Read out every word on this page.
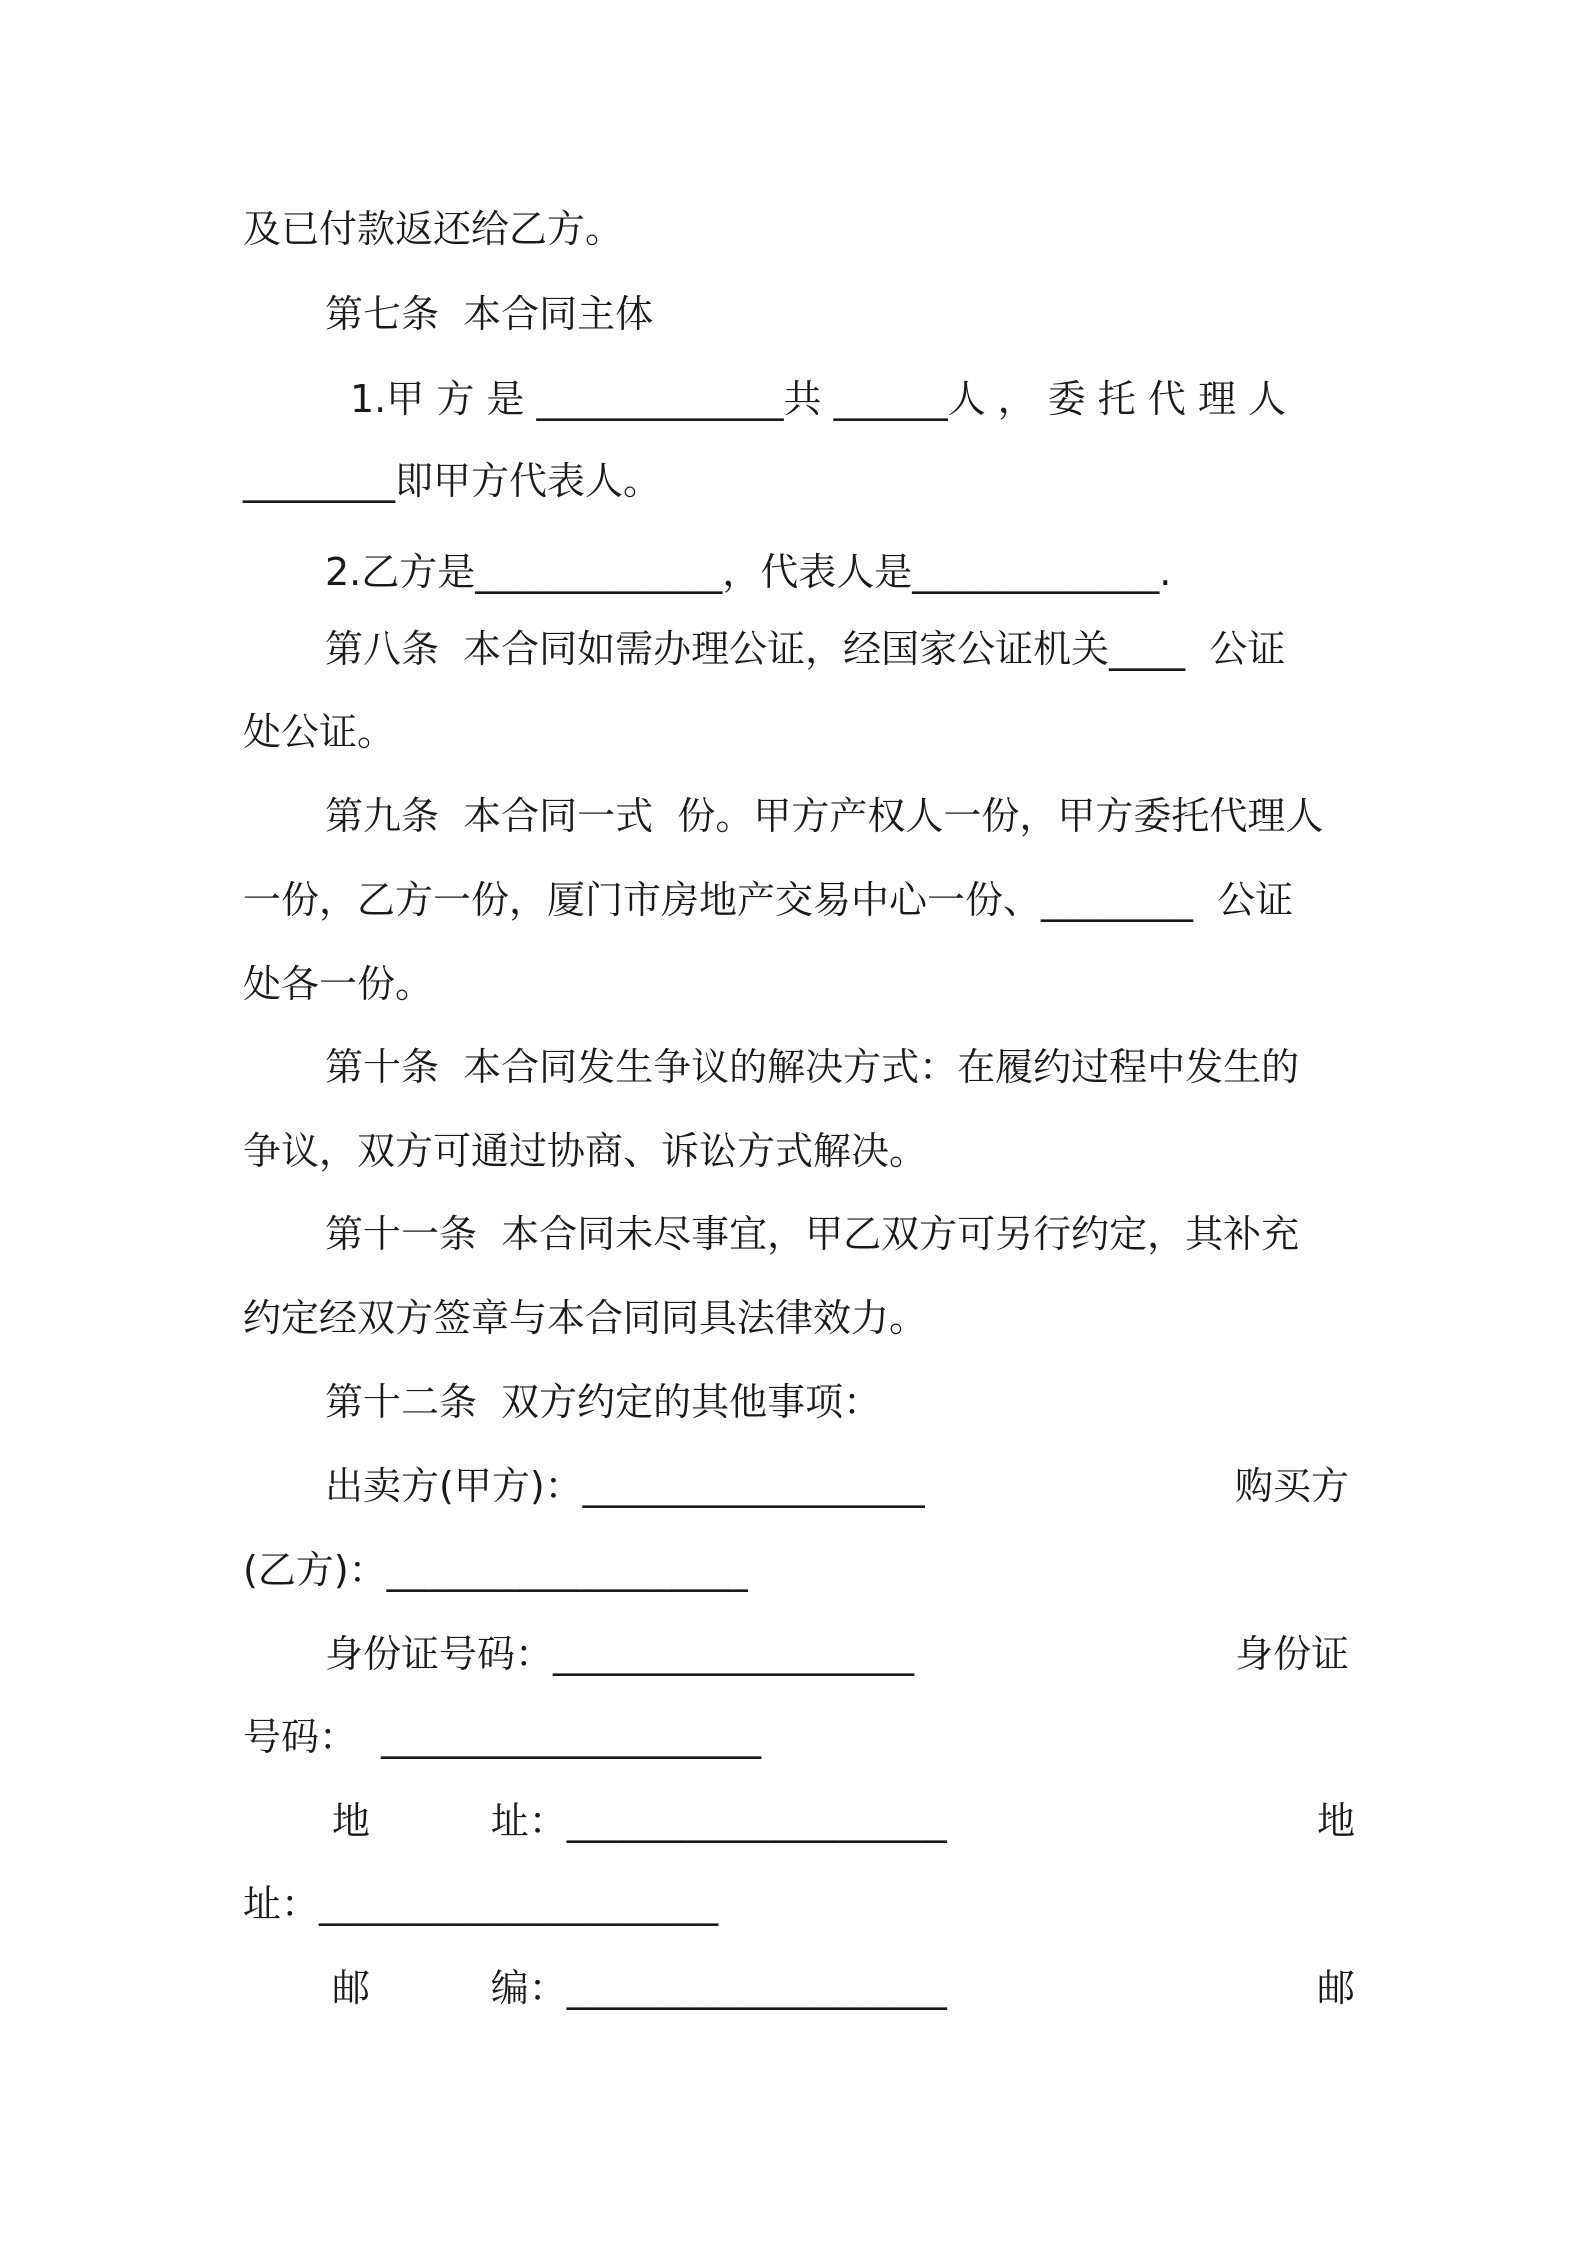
及已付款返还给乙方。
第七条  本合同主体
1.甲 方 是 _____________共 ______人 ， 委 托 代 理 人
________即甲方代表人。
2.乙方是_____________，代表人是_____________.
第八条  本合同如需办理公证，经国家公证机关____  公证
处公证。
第九条  本合同一式  份。甲方产权人一份，甲方委托代理人
一份，乙方一份，厦门市房地产交易中心一份、________  公证
处各一份。
第十条  本合同发生争议的解决方式：在履约过程中发生的
争议，双方可通过协商、诉讼方式解决。
第十一条  本合同未尽事宜，甲乙双方可另行约定，其补充
约定经双方签章与本合同同具法律效力。
第十二条  双方约定的其他事项：
出卖方(甲方)：__________________	购买方
(乙方)：___________________
身份证号码：___________________	身份证
号码：  ____________________
地          址：____________________	地
址：_____________________
邮          编：____________________	邮
